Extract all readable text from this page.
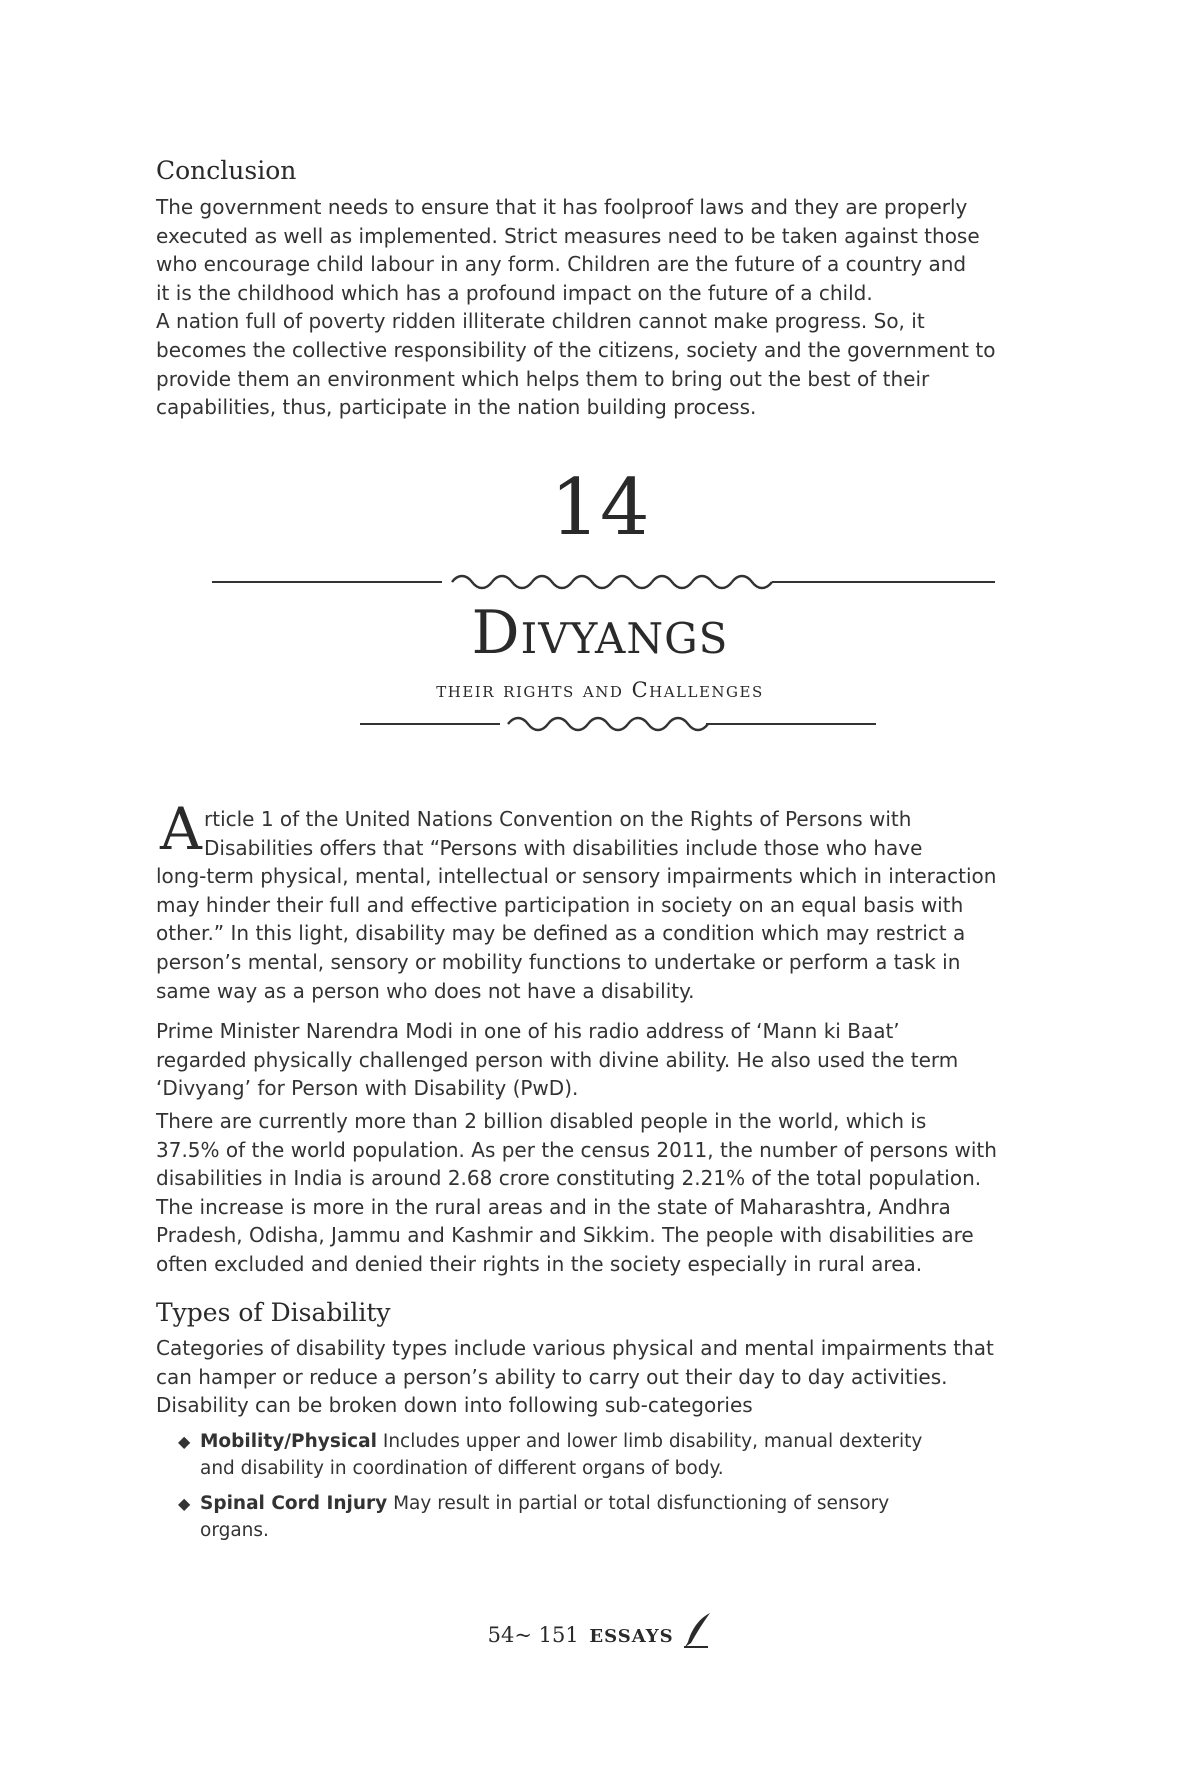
Conclusion

The government needs to ensure that it has foolproof laws and they are properly
executed as well as implemented. Strict measures need to be taken against those
who encourage child labour in any form. Children are the future of a country and
it is the childhood which has a profound impact on the future of a child.
A nation full of poverty ridden illiterate children cannot make progress. So, it
becomes the collective responsibility of the citizens, society and the government to
provide them an environment which helps them to bring out the best of their
capabilities, thus, participate in the nation building process.

14
Divyangs
their rights and Challenges
A rticle 1 of the United Nations Convention on the Rights of Persons with
Disabilities offers that “Persons with disabilities include those who have
long-term physical, mental, intellectual or sensory impairments which in interaction
may hinder their full and effective participation in society on an equal basis with
other.” In this light, disability may be defined as a condition which may restrict a
person’s mental, sensory or mobility functions to undertake or perform a task in
same way as a person who does not have a disability.

Prime Minister Narendra Modi in one of his radio address of ‘Mann ki Baat’
regarded physically challenged person with divine ability. He also used the term
‘Divyang’ for Person with Disability (PwD).

There are currently more than 2 billion disabled people in the world, which is
37.5% of the world population. As per the census 2011, the number of persons with
disabilities in India is around 2.68 crore constituting 2.21% of the total population.
The increase is more in the rural areas and in the state of Maharashtra, Andhra
Pradesh, Odisha, Jammu and Kashmir and Sikkim. The people with disabilities are
often excluded and denied their rights in the society especially in rural area.

Types of Disability

Categories of disability types include various physical and mental impairments that
can hamper or reduce a person’s ability to carry out their day to day activities.
Disability can be broken down into following sub-categories

◆ Mobility/Physical Includes upper and lower limb disability, manual dexterity
and disability in coordination of different organs of body.
◆ Spinal Cord Injury May result in partial or total disfunctioning of sensory
organs.
54~ 151 ESSAYS
